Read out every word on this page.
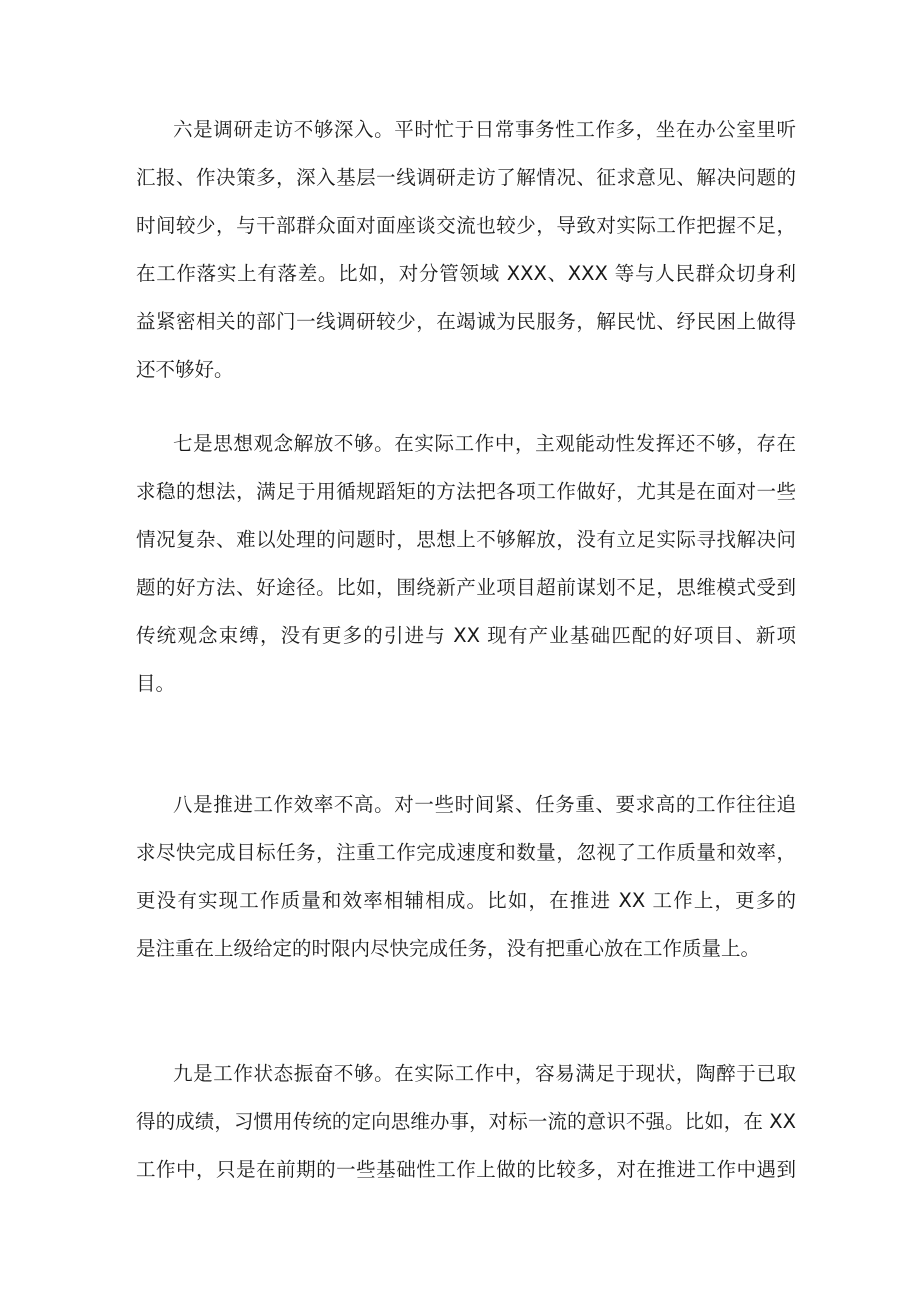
六是调研走访不够深入。平时忙于日常事务性工作多，坐在办公室里听
汇报、作决策多，深入基层一线调研走访了解情况、征求意见、解决问题的
时间较少，与干部群众面对面座谈交流也较少，导致对实际工作把握不足，
在工作落实上有落差。比如，对分管领域 XXX、XXX 等与人民群众切身利
益紧密相关的部门一线调研较少，在竭诚为民服务，解民忧、纾民困上做得
还不够好。
七是思想观念解放不够。在实际工作中，主观能动性发挥还不够，存在
求稳的想法，满足于用循规蹈矩的方法把各项工作做好，尤其是在面对一些
情况复杂、难以处理的问题时，思想上不够解放，没有立足实际寻找解决问
题的好方法、好途径。比如，围绕新产业项目超前谋划不足，思维模式受到
传统观念束缚，没有更多的引进与 XX 现有产业基础匹配的好项目、新项
目。
八是推进工作效率不高。对一些时间紧、任务重、要求高的工作往往追
求尽快完成目标任务，注重工作完成速度和数量，忽视了工作质量和效率，
更没有实现工作质量和效率相辅相成。比如，在推进 XX 工作上，更多的
是注重在上级给定的时限内尽快完成任务，没有把重心放在工作质量上。
九是工作状态振奋不够。在实际工作中，容易满足于现状，陶醉于已取
得的成绩，习惯用传统的定向思维办事，对标一流的意识不强。比如，在 XX
工作中，只是在前期的一些基础性工作上做的比较多，对在推进工作中遇到
